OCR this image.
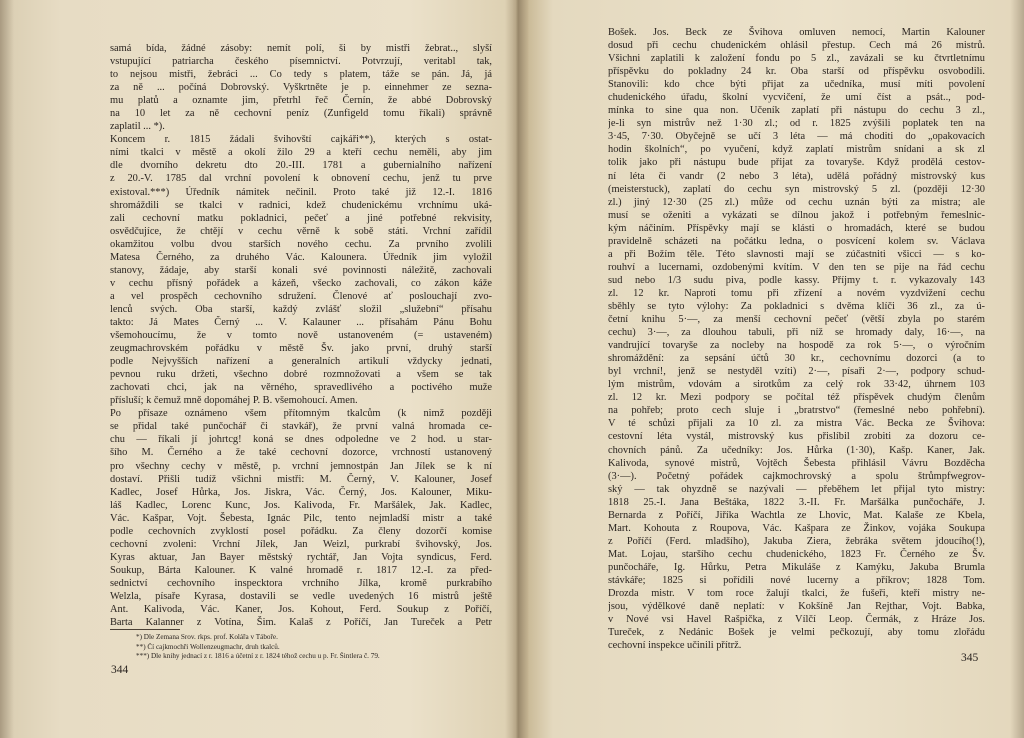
samá bída, žádné zásoby: nemít polí, ši by mistři žebrat.., slyší
vstupující patriarcha českého písemnictví. Potvrzují, veritabl tak,
to nejsou mistři, žebráci ... Co tedy s platem, táže se pán. Já, já
za ně ... počíná Dobrovský. Vyškrtněte je p. einnehmer ze sezna-
mu platů a oznamte jim, přetrhl řeč Černín, že abbé Dobrovský
na 10 let za ně cechovní peníz (Zunfigeld tomu říkali) správně
zaplatil ... *).
Koncem r. 1815 žádali švihovští cajkáři**), kterých s ostat-
ními tkalci v městě a okolí žilo 29 a kteří cechu neměli, aby jim
dle dvorního dekretu dto 20.-III. 1781 a gubernialního nařízení
z 20.-V. 1785 dal vrchní povolení k obnovení cechu, jenž tu prve
existoval.***) Úředník námitek nečinil. Proto také již 12.-I. 1816
shromáždili se tkalci v radnici, kdež chudenickému vrchnímu uká-
zali cechovní matku pokladnici, pečeť a jiné potřebné rekvisity,
osvědčujíce, že chtějí v cechu věrně k sobě státi. Vrchní zařídil
okamžitou volbu dvou starších nového cechu. Za prvního zvolili
Matesa Černého, za druhého Vác. Kalounera. Úředník jim vyložil
stanovy, žádaje, aby starší konali své povinnosti náležitě, zachovali
v cechu přísný pořádek a kázeň, všecko zachovali, co zákon káže
a vel prospěch cechovního sdružení. Členové ať poslouchají zvo-
lenců svých. Oba starší, každý zvlášť složil „služební“ přísahu
takto: Já Mates Černý ... V. Kalauner ... přísahám Pánu Bohu
všemohoucímu, že v tomto nově ustanoveném (= ustaveném)
zeugmachrovském pořádku v městě Šv. jako první, druhý starší
podle Nejvyšších nařízení a generalních artikulí vždycky jednati,
pevnou ruku držeti, všechno dobré rozmnožovati a všem se tak
zachovati chci, jak na věrného, spravedlivého a poctivého muže
přísluší; k čemuž mně dopomáhej P. B. všemohoucí. Amen.
Po přísaze oznámeno všem přítomným tkalcům (k nimž později
se přidal také punčochář či stavkář), že první valná hromada ce-
chu — říkali jí johrtcg! koná se dnes odpoledne ve 2 hod. u star-
šího M. Černého a že také cechovní dozorce, vrchností ustanovený
pro všechny cechy v městě, p. vrchní jemnostpán Jan Jílek se k ní
dostaví. Přišli tudíž všichni mistři: M. Černý, V. Kalouner, Josef
Kadlec, Josef Hůrka, Jos. Jiskra, Vác. Černý, Jos. Kalouner, Miku-
láš Kadlec, Lorenc Kunc, Jos. Kalivoda, Fr. Maršálek, Jak. Kadlec,
Vác. Kašpar, Vojt. Šebesta, Ignác Pilc, tento nejmladší mistr a také
podle cechovních zvyklostí posel pořádku. Za členy dozorčí komise
cechovní zvoleni: Vrchní Jílek, Jan Weizl, purkrabí švihovský, Jos.
Kyras aktuar, Jan Bayer městský rychtář, Jan Vojta syndicus, Ferd.
Soukup, Bárta Kalouner. K valné hromadě r. 1817 12.-I. za před-
sednictví cechovního inspecktora vrchního Jílka, kromě purkrabího
Welzla, písaře Kyrasa, dostavili se vedle uvedených 16 mistrů ještě
Ant. Kalivoda, Vác. Kaner, Jos. Kohout, Ferd. Soukup z Poříčí,
Barta Kalanner z Votína, Šim. Kalaš z Poříčí, Jan Tureček a Petr
*) Dle Zemana Srov. rkps. prof. Kolářa v Táboře.
**) Čí cajkmochři Wollenzeugmachr, druh tkalců.
***) Dle knihy jednací z r. 1816 a účetní z r. 1824 téhož cechu u p. Fr. Šintlera č. 79.
344
Bošek. Jos. Beck ze Švihova omluven nemocí, Martin Kalouner
dosud při cechu chudenickém ohlásil přestup. Cech má 26 mistrů.
Všichni zaplatili k založení fondu po 5 zl., zavázali se ku čtvrtletnímu
příspěvku do pokladny 24 kr. Oba starší od příspěvku osvobodili.
Stanovili: kdo chce býti přijat za učedníka, musí míti povolení
chudenického úřadu, školní vycvičení, že umí číst a psát.., pod-
mínka to sine qua non. Učeník zaplatí při nástupu do cechu 3 zl.,
je-li syn mistrův než 1·30 zl.; od r. 1825 zvýšili poplatek ten na
3·45, 7·30. Obyčejně se učí 3 léta — má choditi do „opakovacích
hodin školních“, po vyučení, když zaplatí mistrům snídani a sk zl
tolik jako při nástupu bude přijat za tovaryše. Když prodělá cestov-
ní léta či vandr (2 nebo 3 léta), udělá pořádný mistrovský kus
(meisterstuck), zaplatí do cechu syn mistrovský 5 zl. (později 12·30
zl.) jiný 12·30 (25 zl.) může od cechu uznán býti za mistra; ale
musí se oženiti a vykázati se dílnou jakož i potřebným řemeslnic-
kým náčiním. Příspěvky mají se klásti o hromadách, které se budou
pravidelně scházeti na počátku ledna, o posvícení kolem sv. Václava
a při Božím těle. Této slavnosti mají se zúčastniti všicci — s ko-
rouhví a lucernami, ozdobenými kvítím. V den ten se pije na řád cechu
sud nebo 1/3 sudu piva, podle kassy. Příjmy t. r. vykazovaly 143
zl. 12 kr. Naproti tomu při zřízení a novém vyzdvižení cechu
sběhly se tyto výlohy: Za pokladnici s dvěma klíči 36 zl., za ú-
četní knihu 5·—, za menší cechovní pečeť (větší zbyla po starém
cechu) 3·—, za dlouhou tabuli, při níž se hromady daly, 16·—, na
vandrující tovaryše za nocleby na hospodě za rok 5·—, o výročním
shromáždění: za sepsání účtů 30 kr., cechovnímu dozorci (a to
byl vrchní!, jenž se nestyděl vzíti) 2·—, písaři 2·—, podpory schud-
lým mistrům, vdovám a sirotkům za celý rok 33·42, úhrnem 103
zl. 12 kr. Mezi podpory se počítal též příspěvek chudým členům
na pohřeb; proto cech sluje i „bratrstvo“ (řemeslné nebo pohřební).
V té schůzi přijali za 10 zl. za mistra Vác. Becka ze Švihova:
cestovní léta vystál, mistrovský kus přislíbil zrobiti za dozoru ce-
chovních pánů. Za učedníky: Jos. Hůrka (1·30), Kašp. Kaner, Jak.
Kalivoda, synové mistrů, Vojtěch Šebesta přihlásil Vávru Bozděcha
(3·—). Početný pořádek cajkmochrovský a spolu štrůmpfwegrov-
ský — tak ohyzdně se nazývali — přeběhem let přijal tyto mistry:
1818 25.-I. Jana Beštáka, 1822 3.-II. Fr. Maršálka punčocháře, J.
Bernarda z Poříčí, Jiříka Wachtla ze Lhovic, Mat. Kalaše ze Kbela,
Mart. Kohouta z Roupova, Vác. Kašpara ze Žinkov, vojáka Soukupa
z Poříčí (Ferd. mladšího), Jakuba Ziera, žebráka světem jdoucího(!),
Mat. Lojau, staršího cechu chudenického, 1823 Fr. Černého ze Šv.
punčocháře, Ig. Hůrku, Petra Mikuláše z Kamýku, Jakuba Brumla
stávkáře; 1825 si pořídili nové lucerny a příkrov; 1828 Tom.
Drozda mistr. V tom roce žalují tkalci, že fušeři, kteří mistry ne-
jsou, výdělkové daně neplatí: v Kokšíně Jan Rejthar, Vojt. Babka,
v Nové vsi Havel Rašpička, z Vílčí Leop. Čermák, z Hráze Jos.
Tureček, z Nedánic Bošek je velmi pečkozují, aby tomu zlořádu
cechovní inspekce učinili přítrž.
345
